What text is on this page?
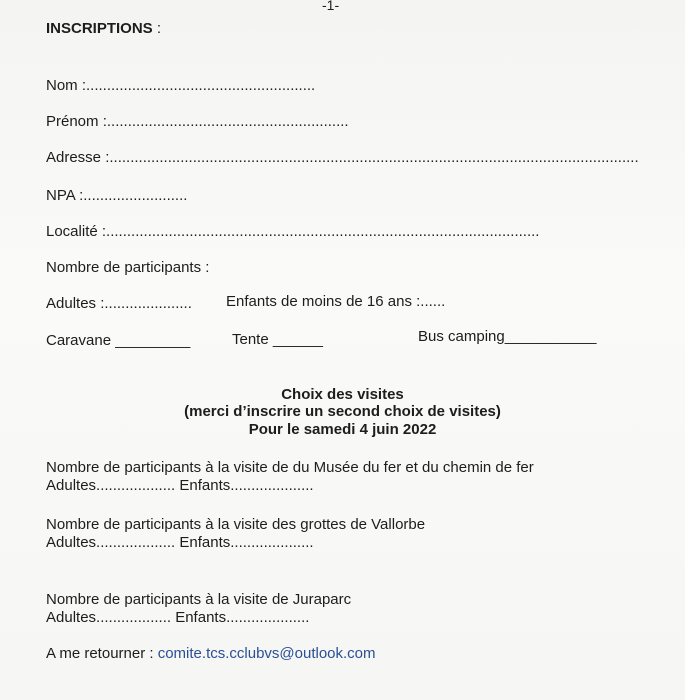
-1-
INSCRIPTIONS :
Nom :.......................................................
Prénom :..........................................................
Adresse :...............................................................................................................................
NPA :.........................
Localité :........................................................................................................
Nombre de participants :
Adultes :..................... Enfants de moins de 16 ans :......
Caravane _________	Tente ______	Bus camping___________
Choix des visites
(merci d’inscrire un second choix de visites)
Pour le samedi 4 juin 2022
Nombre de participants à la visite de du Musée du fer et du chemin de fer
Adultes................... Enfants....................
Nombre de participants à la visite des grottes de Vallorbe
Adultes................... Enfants....................
Nombre de participants à la visite de Juraparc
Adultes.................. Enfants....................
A me retourner : comite.tcs.cclubvs@outlook.com
